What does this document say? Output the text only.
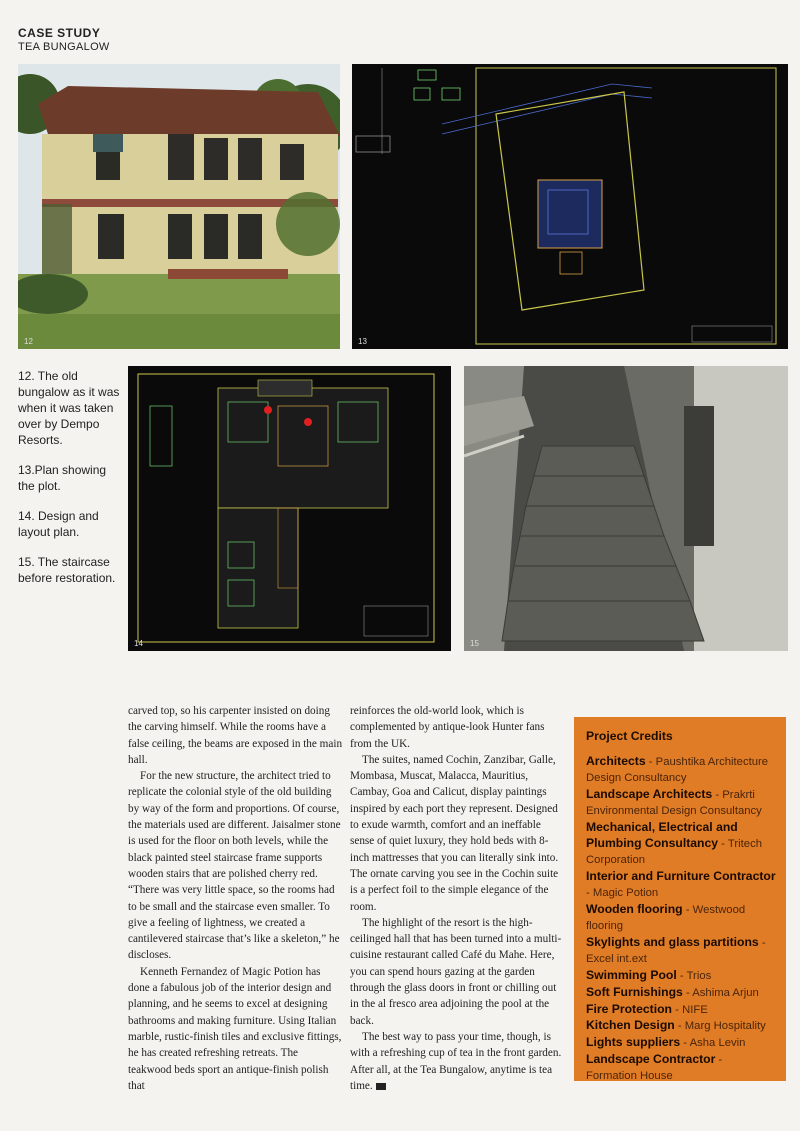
CASE STUDY
TEA BUNGALOW
12	13

12. The old bungalow as it was when it was taken over by Dempo Resorts.

13.Plan showing the plot.

14. Design and layout plan.

15. The staircase before restoration.

14	15

carved top, so his carpenter insisted on doing the carving himself. While the rooms have a false ceiling, the beams are exposed in the main hall.

For the new structure, the architect tried to replicate the colonial style of the old building by way of the form and proportions. Of course, the materials used are different. Jaisalmer stone is used for the floor on both levels, while the black painted steel staircase frame supports wooden stairs that are polished cherry red. “There was very little space, so the rooms had to be small and the staircase even smaller. To give a feeling of lightness, we created a cantilevered staircase that’s like a skeleton,” he discloses.

Kenneth Fernandez of Magic Potion has done a fabulous job of the interior design and planning, and he seems to excel at designing bathrooms and making furniture. Using Italian marble, rustic-finish tiles and exclusive fittings, he has created refreshing retreats. The teakwood beds sport an antique-finish polish that

reinforces the old-world look, which is complemented by antique-look Hunter fans from the UK.

The suites, named Cochin, Zanzibar, Galle, Mombasa, Muscat, Malacca, Mauritius, Cambay, Goa and Calicut, display paintings inspired by each port they represent. Designed to exude warmth, comfort and an ineffable sense of quiet luxury, they hold beds with 8-inch mattresses that you can literally sink into. The ornate carving you see in the Cochin suite is a perfect foil to the simple elegance of the room.

The highlight of the resort is the high-ceilinged hall that has been turned into a multi-cuisine restaurant called Café du Mahe. Here, you can spend hours gazing at the garden through the glass doors in front or chilling out in the al fresco area adjoining the pool at the back.

The best way to pass your time, though, is with a refreshing cup of tea in the front garden. After all, at the Tea Bungalow, anytime is tea time.

Project Credits
Architects - Paushtika Architecture Design Consultancy
Landscape Architects - Prakrti Environmental Design Consultancy
Mechanical, Electrical and Plumbing Consultancy - Tritech Corporation
Interior and Furniture Contractor - Magic Potion
Wooden flooring - Westwood flooring
Skylights and glass partitions - Excel int.ext
Swimming Pool - Trios
Soft Furnishings - Ashima Arjun
Fire Protection - NIFE
Kitchen Design - Marg Hospitality
Lights suppliers - Asha Levin
Landscape Contractor - Formation House
